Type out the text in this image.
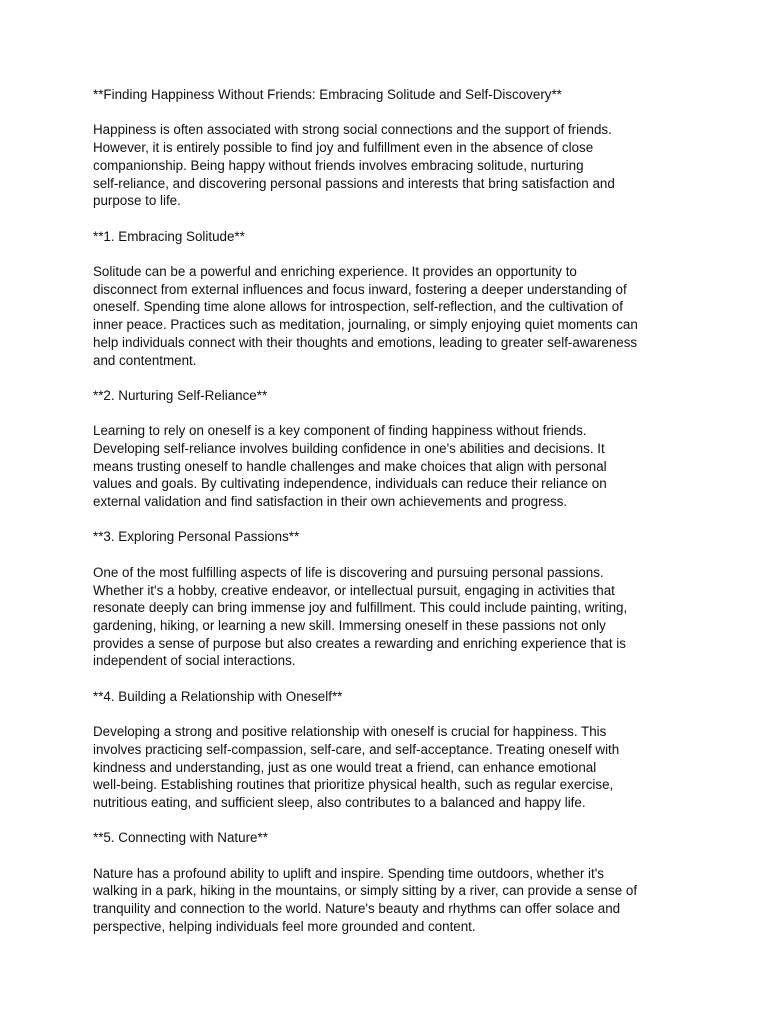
**Finding Happiness Without Friends: Embracing Solitude and Self-Discovery**

Happiness is often associated with strong social connections and the support of friends.
However, it is entirely possible to find joy and fulfillment even in the absence of close
companionship. Being happy without friends involves embracing solitude, nurturing
self-reliance, and discovering personal passions and interests that bring satisfaction and
purpose to life.

**1. Embracing Solitude**

Solitude can be a powerful and enriching experience. It provides an opportunity to
disconnect from external influences and focus inward, fostering a deeper understanding of
oneself. Spending time alone allows for introspection, self-reflection, and the cultivation of
inner peace. Practices such as meditation, journaling, or simply enjoying quiet moments can
help individuals connect with their thoughts and emotions, leading to greater self-awareness
and contentment.

**2. Nurturing Self-Reliance**

Learning to rely on oneself is a key component of finding happiness without friends.
Developing self-reliance involves building confidence in one's abilities and decisions. It
means trusting oneself to handle challenges and make choices that align with personal
values and goals. By cultivating independence, individuals can reduce their reliance on
external validation and find satisfaction in their own achievements and progress.

**3. Exploring Personal Passions**

One of the most fulfilling aspects of life is discovering and pursuing personal passions.
Whether it's a hobby, creative endeavor, or intellectual pursuit, engaging in activities that
resonate deeply can bring immense joy and fulfillment. This could include painting, writing,
gardening, hiking, or learning a new skill. Immersing oneself in these passions not only
provides a sense of purpose but also creates a rewarding and enriching experience that is
independent of social interactions.

**4. Building a Relationship with Oneself**

Developing a strong and positive relationship with oneself is crucial for happiness. This
involves practicing self-compassion, self-care, and self-acceptance. Treating oneself with
kindness and understanding, just as one would treat a friend, can enhance emotional
well-being. Establishing routines that prioritize physical health, such as regular exercise,
nutritious eating, and sufficient sleep, also contributes to a balanced and happy life.

**5. Connecting with Nature**

Nature has a profound ability to uplift and inspire. Spending time outdoors, whether it's
walking in a park, hiking in the mountains, or simply sitting by a river, can provide a sense of
tranquility and connection to the world. Nature's beauty and rhythms can offer solace and
perspective, helping individuals feel more grounded and content.
